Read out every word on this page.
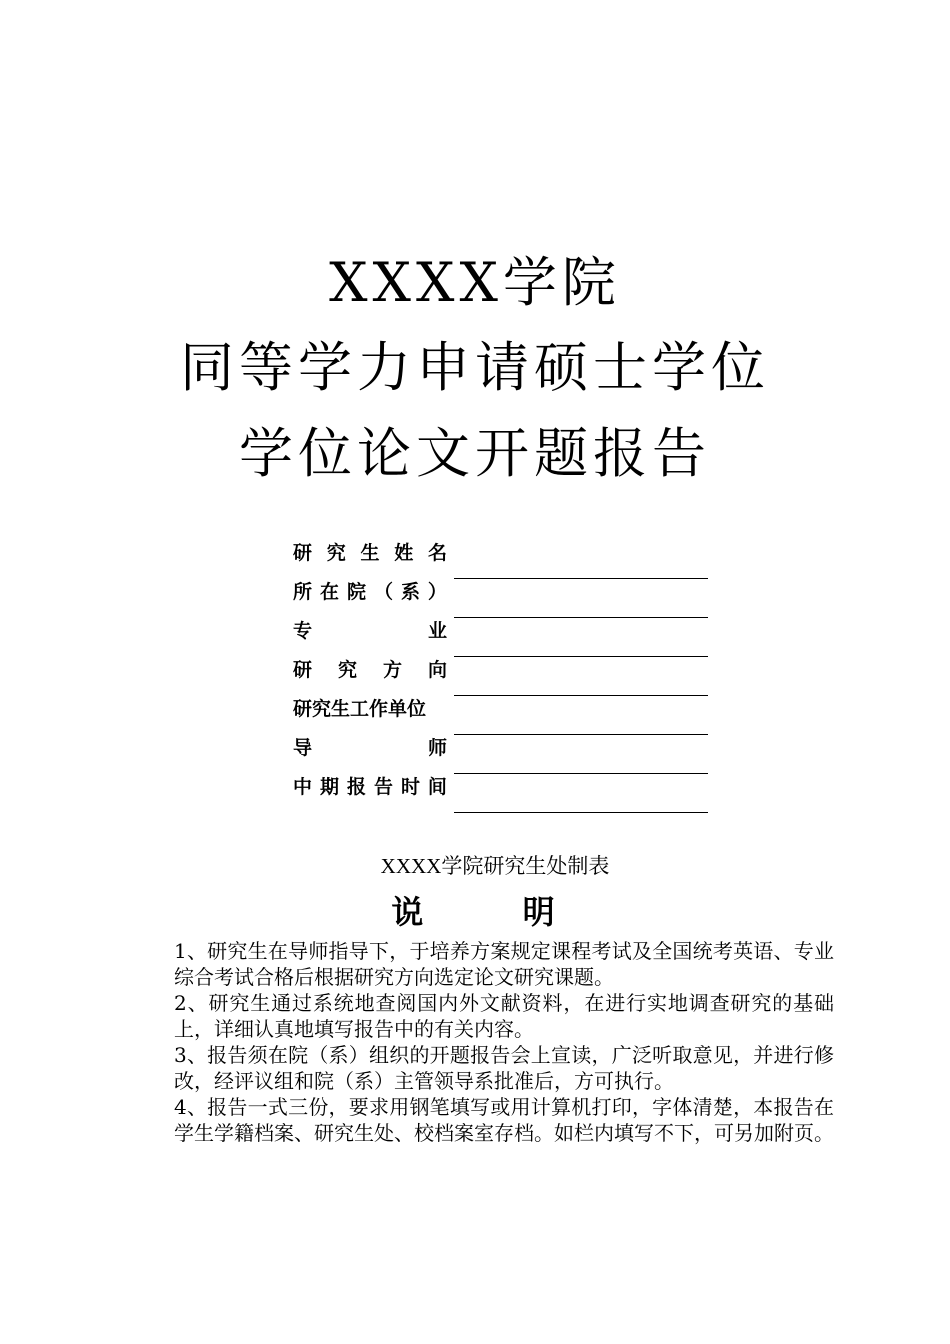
XXXX学院
同等学力申请硕士学位
学位论文开题报告
研 究 生 姓 名
所 在 院 （ 系 ）
专	业
研 究 方 向
研究生工作单位
导	师
中 期 报 告 时 间
XXXX学院研究生处制表
说 明
1、研究生在导师指导下，于培养方案规定课程考试及全国统考英语、专业综合考试合格后根据研究方向选定论文研究课题。
2、研究生通过系统地查阅国内外文献资料，在进行实地调查研究的基础上，详细认真地填写报告中的有关内容。
3、报告须在院（系）组织的开题报告会上宣读，广泛听取意见，并进行修改，经评议组和院（系）主管领导系批准后，方可执行。
4、报告一式三份，要求用钢笔填写或用计算机打印，字体清楚，本报告在学生学籍档案、研究生处、校档案室存档。如栏内填写不下，可另加附页。
